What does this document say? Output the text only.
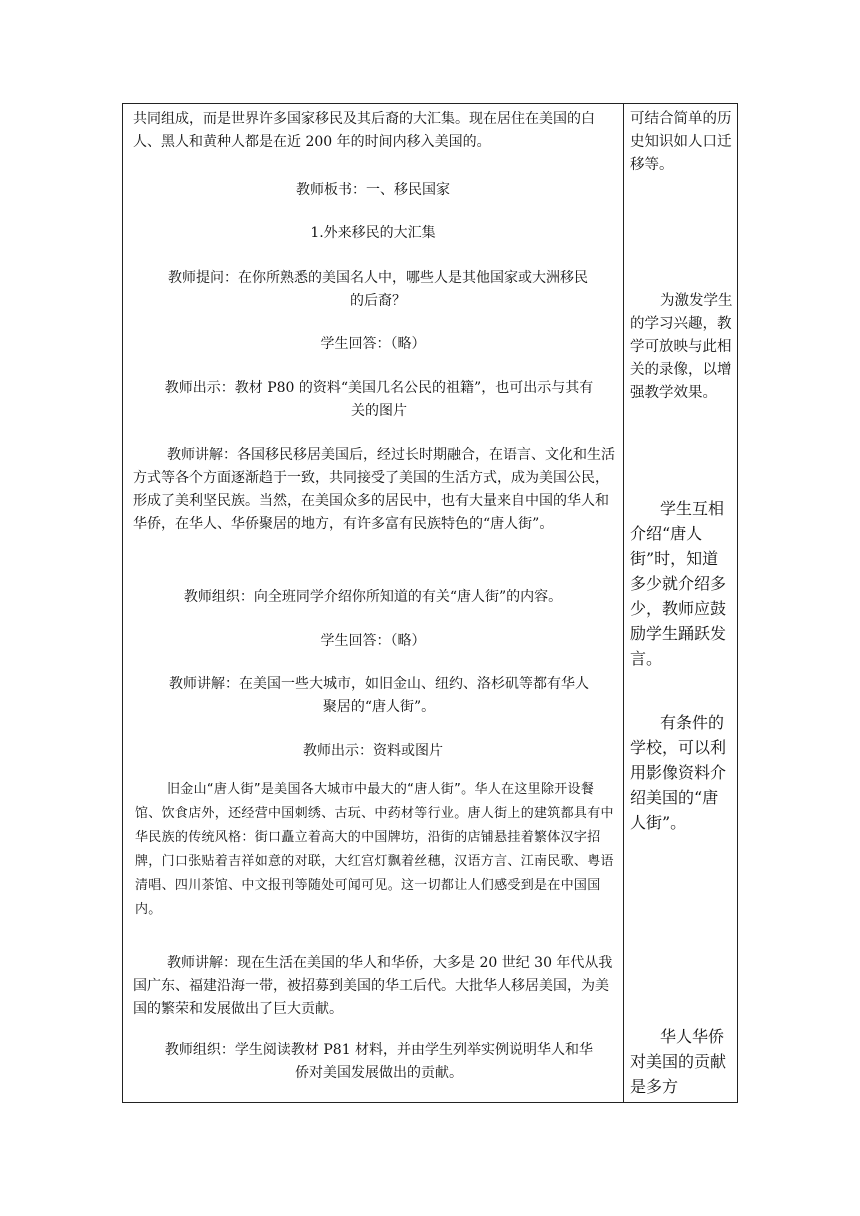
共同组成，而是世界许多国家移民及其后裔的大汇集。现在居住在美国的白人、黑人和黄种人都是在近 200 年的时间内移入美国的。

教师板书：一、移民国家

1.外来移民的大汇集

教师提问：在你所熟悉的美国名人中，哪些人是其他国家或大洲移民的后裔？

学生回答：（略）

教师出示：教材 P80 的资料“美国几名公民的祖籍”，也可出示与其有关的图片

教师讲解：各国移民移居美国后，经过长时期融合，在语言、文化和生活方式等各个方面逐渐趋于一致，共同接受了美国的生活方式，成为美国公民，形成了美利坚民族。当然，在美国众多的居民中，也有大量来自中国的华人和华侨，在华人、华侨聚居的地方，有许多富有民族特色的“唐人街”。

教师组织：向全班同学介绍你所知道的有关“唐人街”的内容。

学生回答：（略）

教师讲解：在美国一些大城市，如旧金山、纽约、洛杉矶等都有华人聚居的“唐人街”。

教师出示：资料或图片

旧金山“唐人街”是美国各大城市中最大的“唐人街”。华人在这里除开设餐馆、饮食店外，还经营中国刺绣、古玩、中药材等行业。唐人街上的建筑都具有中华民族的传统风格：街口矗立着高大的中国牌坊，沿街的店铺悬挂着繁体汉字招牌，门口张贴着吉祥如意的对联，大红宫灯飘着丝穗，汉语方言、江南民歌、粤语清唱、四川茶馆、中文报刊等随处可闻可见。这一切都让人们感受到是在中国国内。

教师讲解：现在生活在美国的华人和华侨，大多是 20 世纪 30 年代从我国广东、福建沿海一带，被招募到美国的华工后代。大批华人移居美国，为美国的繁荣和发展做出了巨大贡献。

教师组织：学生阅读教材 P81 材料，并由学生列举实例说明华人和华侨对美国发展做出的贡献。

可结合简单的历史知识如人口迁移等。
为激发学生的学习兴趣，教学可放映与此相关的录像，以增强教学效果。
学生互相介绍“唐人街”时，知道多少就介绍多少，教师应鼓励学生踊跃发言。
有条件的学校，可以利用影像资料介绍美国的“唐人街”。
华人华侨对美国的贡献是多方
